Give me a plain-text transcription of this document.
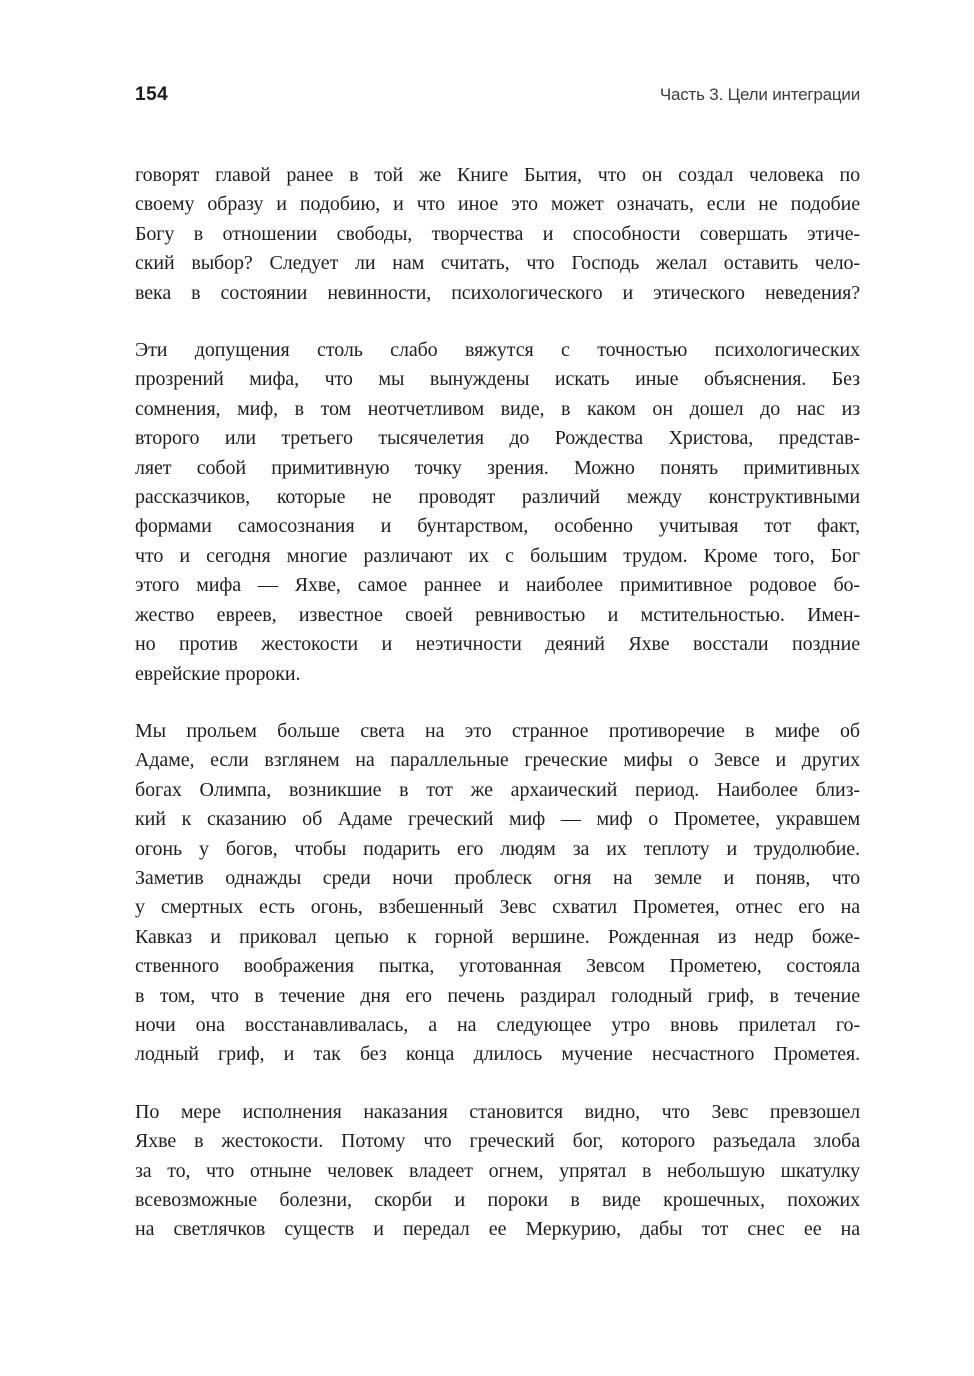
154	Часть 3. Цели интеграции
говорят главой ранее в той же Книге Бытия, что он создал человека по
своему образу и подобию, и что иное это может означать, если не подобие
Богу в отношении свободы, творчества и способности совершать этиче-
ский выбор? Следует ли нам считать, что Господь желал оставить чело-
века в состоянии невинности, психологического и этического неведения?
Эти допущения столь слабо вяжутся с точностью психологических
прозрений мифа, что мы вынуждены искать иные объяснения. Без
сомнения, миф, в том неотчетливом виде, в каком он дошел до нас из
второго или третьего тысячелетия до Рождества Христова, представ-
ляет собой примитивную точку зрения. Можно понять примитивных
рассказчиков, которые не проводят различий между конструктивными
формами самосознания и бунтарством, особенно учитывая тот факт,
что и сегодня многие различают их с большим трудом. Кроме того, Бог
этого мифа — Яхве, самое раннее и наиболее примитивное родовое бо-
жество евреев, известное своей ревнивостью и мстительностью. Имен-
но против жестокости и неэтичности деяний Яхве восстали поздние
еврейские пророки.
Мы прольем больше света на это странное противоречие в мифе об
Адаме, если взглянем на параллельные греческие мифы о Зевсе и других
богах Олимпа, возникшие в тот же архаический период. Наиболее близ-
кий к сказанию об Адаме греческий миф — миф о Прометее, укравшем
огонь у богов, чтобы подарить его людям за их теплоту и трудолюбие.
Заметив однажды среди ночи проблеск огня на земле и поняв, что
у смертных есть огонь, взбешенный Зевс схватил Прометея, отнес его на
Кавказ и приковал цепью к горной вершине. Рожденная из недр боже-
ственного воображения пытка, уготованная Зевсом Прометею, состояла
в том, что в течение дня его печень раздирал голодный гриф, в течение
ночи она восстанавливалась, а на следующее утро вновь прилетал го-
лодный гриф, и так без конца длилось мучение несчастного Прометея.
По мере исполнения наказания становится видно, что Зевс превзошел
Яхве в жестокости. Потому что греческий бог, которого разъедала злоба
за то, что отныне человек владеет огнем, упрятал в небольшую шкатулку
всевозможные болезни, скорби и пороки в виде крошечных, похожих
на светлячков существ и передал ее Меркурию, дабы тот снес ее на
